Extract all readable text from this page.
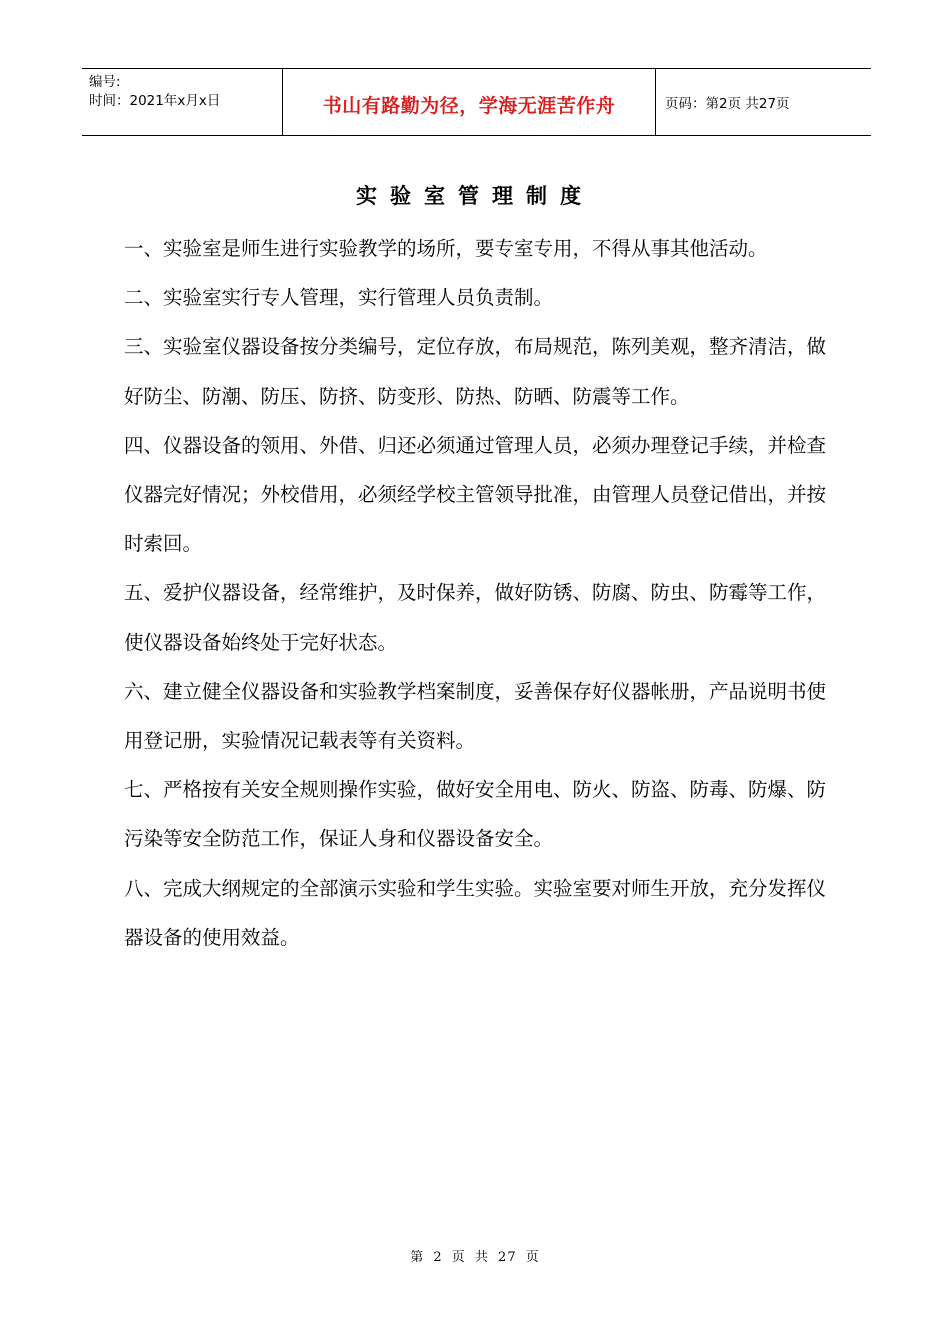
编号:
时间：2021年x月x日	书山有路勤为径，学海无涯苦作舟	页码：第2页 共27页
实验室管理制度

一、实验室是师生进行实验教学的场所，要专室专用，不得从事其他活动。

二、实验室实行专人管理，实行管理人员负责制。

三、实验室仪器设备按分类编号，定位存放，布局规范，陈列美观，整齐清洁，做好防尘、防潮、防压、防挤、防变形、防热、防晒、防震等工作。

四、仪器设备的领用、外借、归还必须通过管理人员，必须办理登记手续，并检查仪器完好情况；外校借用，必须经学校主管领导批准，由管理人员登记借出，并按时索回。

五、爱护仪器设备，经常维护，及时保养，做好防锈、防腐、防虫、防霉等工作，使仪器设备始终处于完好状态。

六、建立健全仪器设备和实验教学档案制度，妥善保存好仪器帐册，产品说明书使用登记册，实验情况记载表等有关资料。

七、严格按有关安全规则操作实验，做好安全用电、防火、防盗、防毒、防爆、防污染等安全防范工作，保证人身和仪器设备安全。

八、完成大纲规定的全部演示实验和学生实验。实验室要对师生开放，充分发挥仪器设备的使用效益。

第 2 页 共 27 页
